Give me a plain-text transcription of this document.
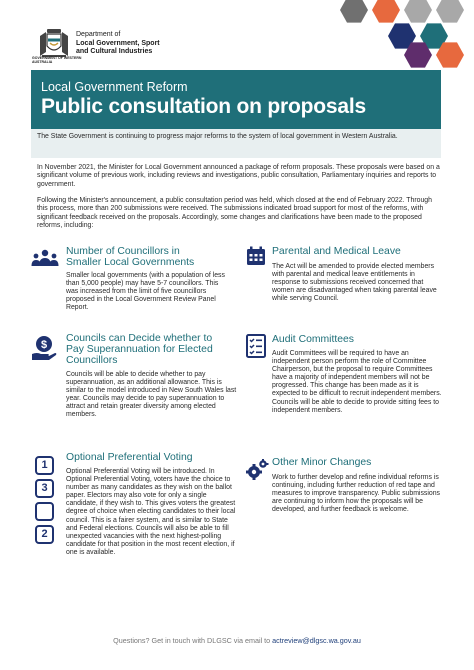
GOVERNMENT OF WESTERN AUSTRALIA
Department of
Local Government, Sport
and Cultural Industries
Local Government Reform
Public consultation on proposals
The State Government is continuing to progress major reforms to the system of local government in Western Australia.
In November 2021, the Minister for Local Government announced a package of reform proposals. These proposals were based on a significant volume of previous work, including reviews and investigations, public consultation, Parliamentary inquiries and reports to government.
Following the Minister's announcement, a public consultation period was held, which closed at the end of February 2022. Through this process, more than 200 submissions were received. The submissions indicated broad support for most of the reforms, with significant feedback received on the proposals. Accordingly, some changes and clarifications have been made to the proposed reforms, including:
Number of Councillors in
Smaller Local Governments
Smaller local governments (with a population of less than 5,000 people) may have 5-7 councillors. This was increased from the limit of five councillors proposed in the Local Government Review Panel Report.
$
Councils can Decide whether to
Pay Superannuation for Elected
Councillors
Councils will be able to decide whether to pay superannuation, as an additional allowance. This is similar to the model introduced in New South Wales last year. Councils may decide to pay superannuation to attract and retain greater diversity among elected members.
1
3
2
Optional Preferential Voting
Optional Preferential Voting will be introduced. In Optional Preferential Voting, voters have the choice to number as many candidates as they wish on the ballot paper. Electors may also vote for only a single candidate, if they wish to. This gives voters the greatest degree of choice when electing candidates to their local council. This is a fairer system, and is similar to State and Federal elections. Councils will also be able to fill unexpected vacancies with the next highest-polling candidate for that position in the most recent election, if one is available.
Parental and Medical Leave
The Act will be amended to provide elected members with parental and medical leave entitlements in response to submissions received concerned that women are disadvantaged when taking parental leave while serving Council.
Audit Committees
Audit Committees will be required to have an independent person perform the role of Committee Chairperson, but the proposal to require Committees have a majority of independent members will not be progressed. This change has been made as it is expected to be difficult to recruit independent members. Councils will be able to decide to provide sitting fees to independent members.
Other Minor Changes
Work to further develop and refine individual reforms is continuing, including further reduction of red tape and measures to improve transparency. Public submissions are continuing to inform how the proposals will be developed, and further feedback is welcome.
Questions? Get in touch with DLGSC via email to actreview@dlgsc.wa.gov.au
